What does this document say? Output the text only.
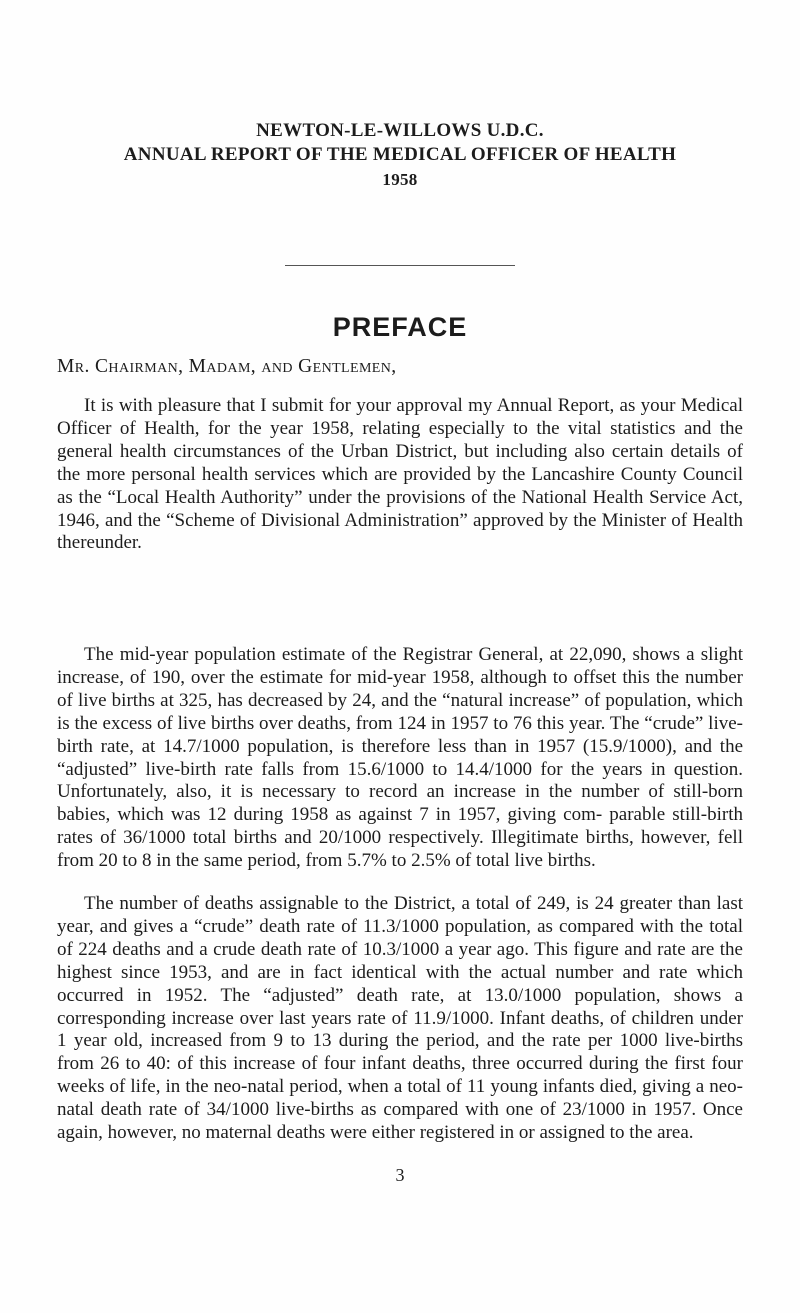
NEWTON-LE-WILLOWS U.D.C.
ANNUAL REPORT OF THE MEDICAL OFFICER OF HEALTH
1958
PREFACE
Mr. Chairman, Madam, and Gentlemen,

It is with pleasure that I submit for your approval my Annual Report, as your Medical Officer of Health, for the year 1958, relating especially to the vital statistics and the general health circumstances of the Urban District, but including also certain details of the more personal health services which are provided by the Lancashire County Council as the “Local Health Authority” under the provisions of the National Health Service Act, 1946, and the “Scheme of Divisional Administration” approved by the Minister of Health thereunder.

The mid-year population estimate of the Registrar General, at 22,090, shows a slight increase, of 190, over the estimate for mid-year 1958, although to offset this the number of live births at 325, has decreased by 24, and the “natural increase” of population, which is the excess of live births over deaths, from 124 in 1957 to 76 this year. The “crude” live-birth rate, at 14.7/1000 population, is therefore less than in 1957 (15.9/1000), and the “adjusted” live-birth rate falls from 15.6/1000 to 14.4/1000 for the years in question. Unfortunately, also, it is necessary to record an increase in the number of still-born babies, which was 12 during 1958 as against 7 in 1957, giving com- parable still-birth rates of 36/1000 total births and 20/1000 respectively. Illegitimate births, however, fell from 20 to 8 in the same period, from 5.7% to 2.5% of total live births.

The number of deaths assignable to the District, a total of 249, is 24 greater than last year, and gives a “crude” death rate of 11.3/1000 population, as compared with the total of 224 deaths and a crude death rate of 10.3/1000 a year ago. This figure and rate are the highest since 1953, and are in fact identical with the actual number and rate which occurred in 1952. The “adjusted” death rate, at 13.0/1000 population, shows a corresponding increase over last years rate of 11.9/1000. Infant deaths, of children under 1 year old, increased from 9 to 13 during the period, and the rate per 1000 live-births from 26 to 40: of this increase of four infant deaths, three occurred during the first four weeks of life, in the neo-natal period, when a total of 11 young infants died, giving a neo-natal death rate of 34/1000 live-births as compared with one of 23/1000 in 1957. Once again, however, no maternal deaths were either registered in or assigned to the area.

3
